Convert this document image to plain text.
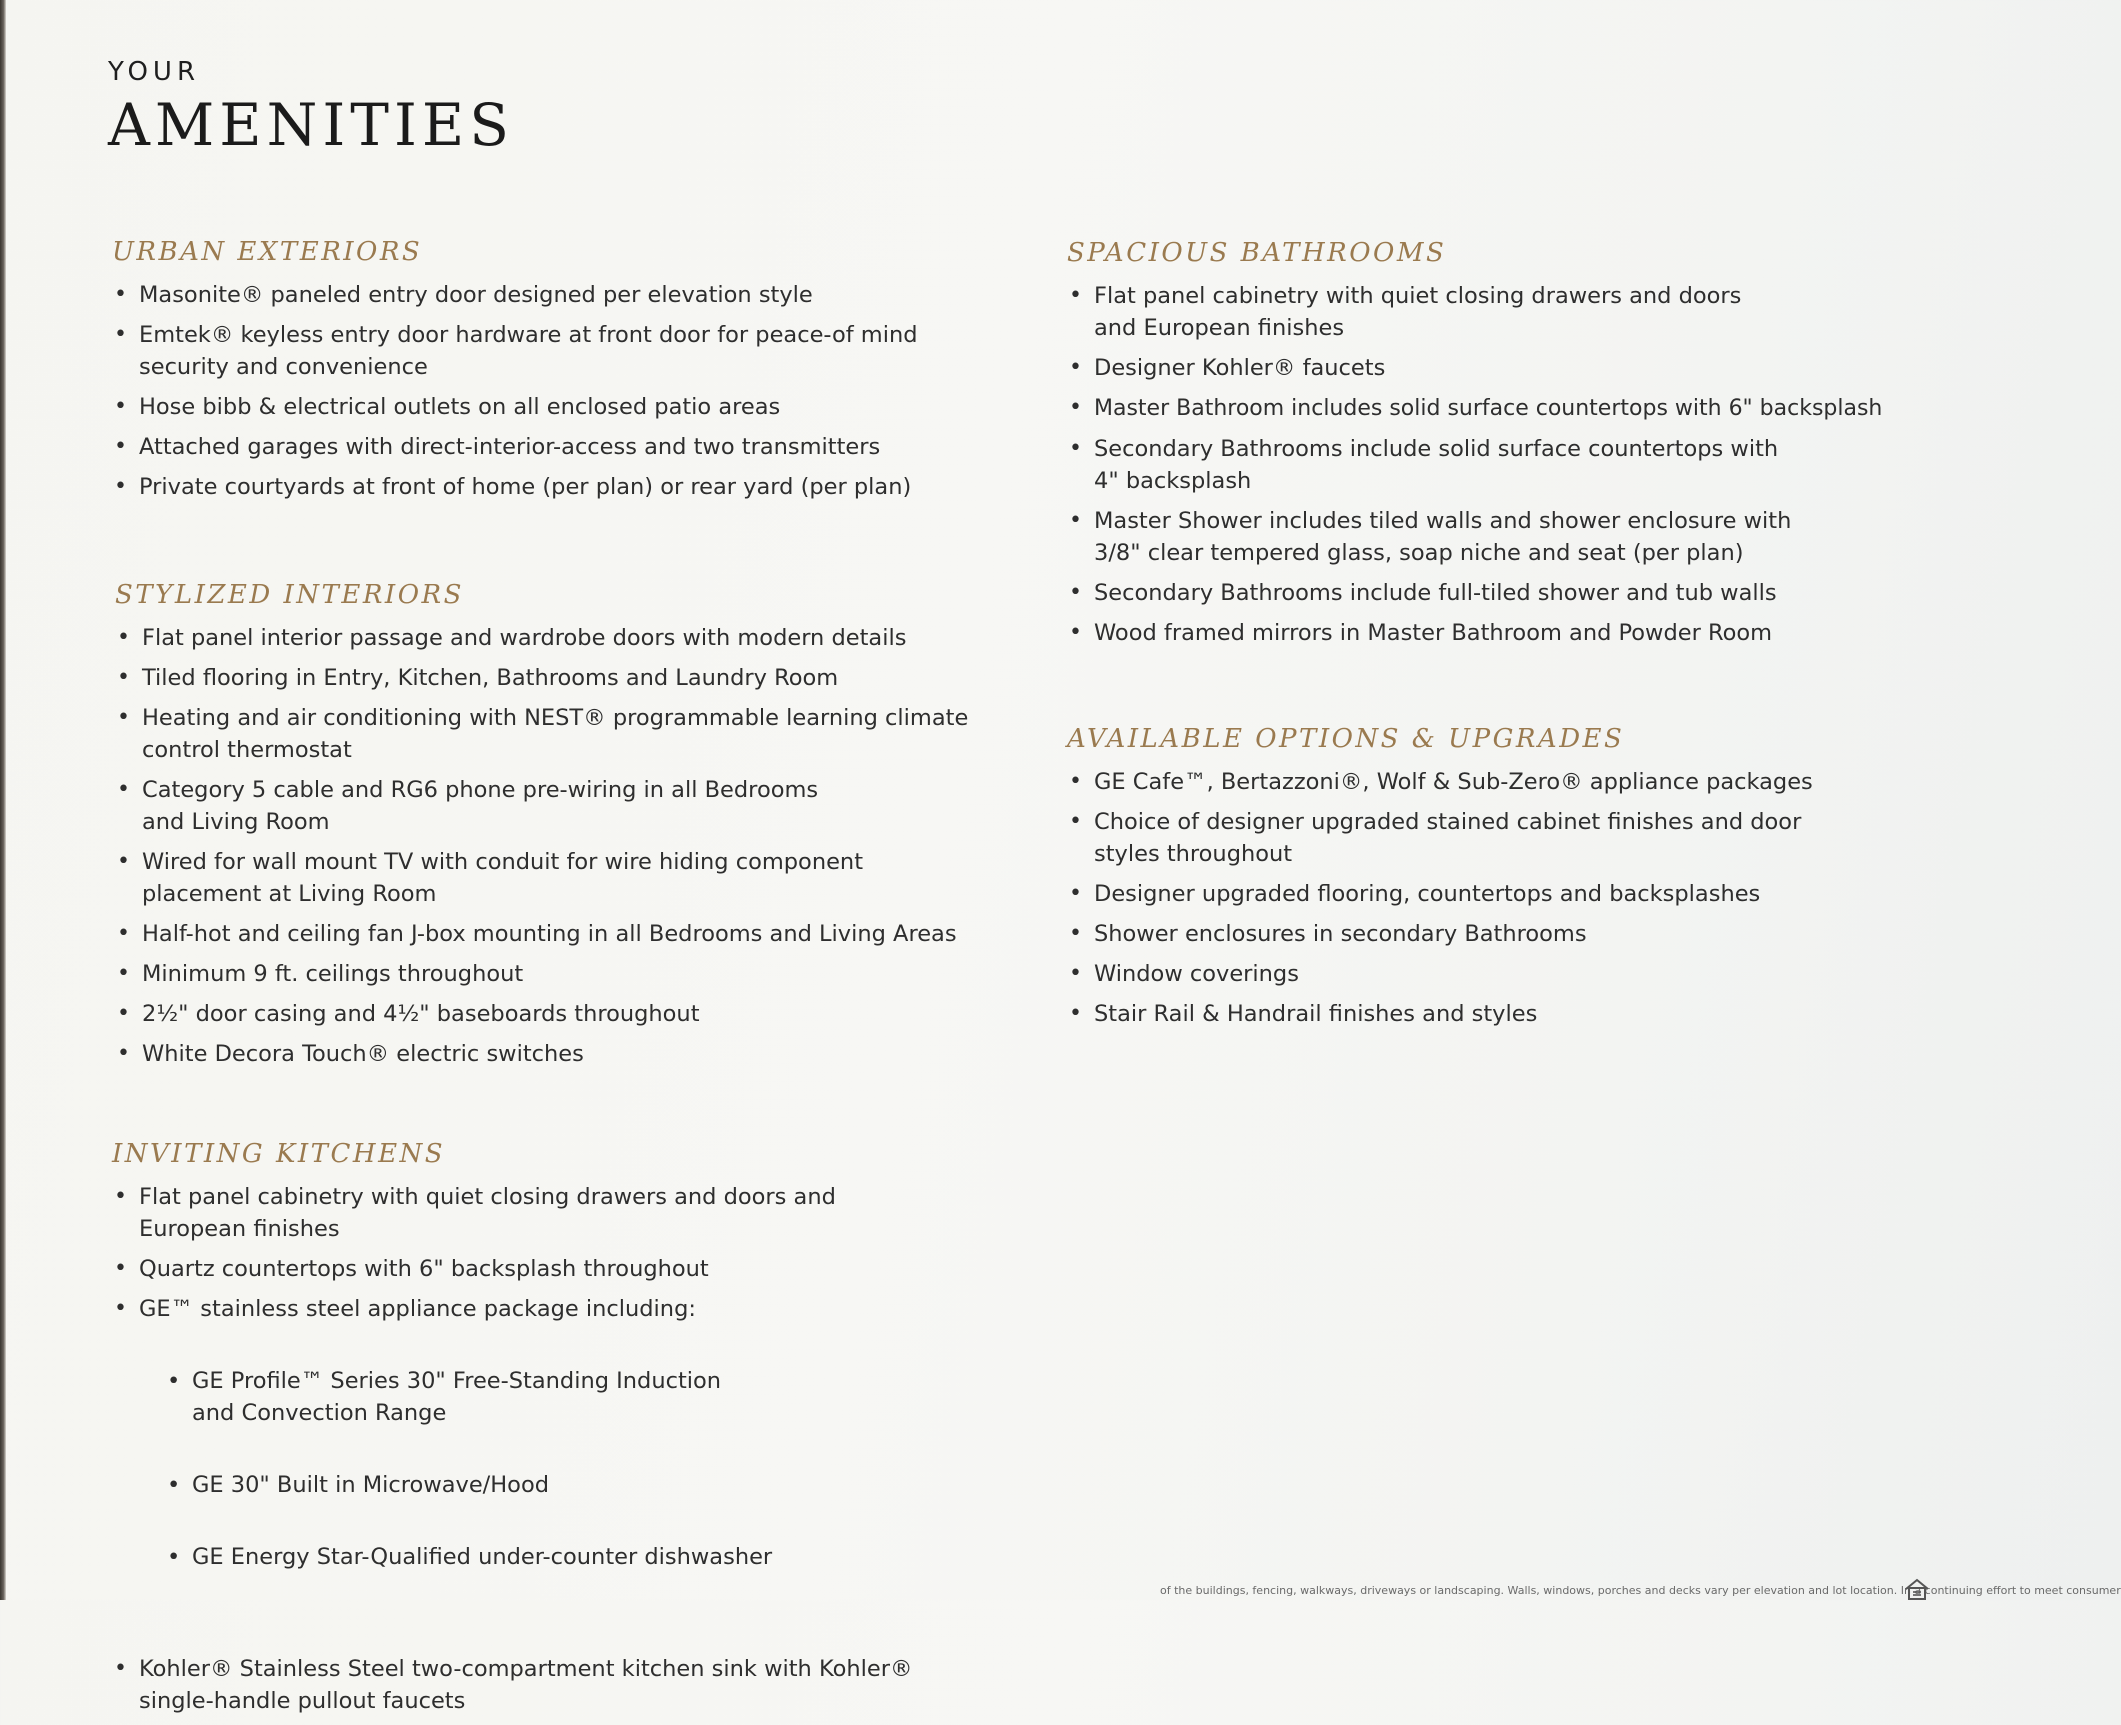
YOUR
AMENITIES
URBAN EXTERIORS
• Masonite® paneled entry door designed per elevation style
• Emtek® keyless entry door hardware at front door for peace-of mind
security and convenience
• Hose bibb & electrical outlets on all enclosed patio areas
• Attached garages with direct-interior-access and two transmitters
• Private courtyards at front of home (per plan) or rear yard (per plan)
STYLIZED INTERIORS
• Flat panel interior passage and wardrobe doors with modern details
• Tiled flooring in Entry, Kitchen, Bathrooms and Laundry Room
• Heating and air conditioning with NEST® programmable learning climate
control thermostat
• Category 5 cable and RG6 phone pre-wiring in all Bedrooms
and Living Room
• Wired for wall mount TV with conduit for wire hiding component
placement at Living Room
• Half-hot and ceiling fan J-box mounting in all Bedrooms and Living Areas
• Minimum 9 ft. ceilings throughout
• 2½" door casing and 4½" baseboards throughout
• White Decora Touch® electric switches
INVITING KITCHENS
• Flat panel cabinetry with quiet closing drawers and doors and
European finishes
• Quartz countertops with 6" backsplash throughout
• GE™ stainless steel appliance package including:

• GE Profile™ Series 30" Free-Standing Induction
and Convection Range

• GE 30" Built in Microwave/Hood

• GE Energy Star-Qualified under-counter dishwasher

• Kohler® Stainless Steel two-compartment kitchen sink with Kohler®
single-handle pullout faucets
SPACIOUS BATHROOMS
• Flat panel cabinetry with quiet closing drawers and doors
and European finishes
• Designer Kohler® faucets
• Master Bathroom includes solid surface countertops with 6" backsplash
• Secondary Bathrooms include solid surface countertops with
4" backsplash
• Master Shower includes tiled walls and shower enclosure with
3/8" clear tempered glass, soap niche and seat (per plan)
• Secondary Bathrooms include full-tiled shower and tub walls
• Wood framed mirrors in Master Bathroom and Powder Room
AVAILABLE OPTIONS & UPGRADES
• GE Cafe™, Bertazzoni®, Wolf & Sub-Zero® appliance packages
• Choice of designer upgraded stained cabinet finishes and door
styles throughout
• Designer upgraded flooring, countertops and backsplashes
• Shower enclosures in secondary Bathrooms
• Window coverings
• Stair Rail & Handrail finishes and styles
of the buildings, fencing, walkways, driveways or landscaping. Walls, windows, porches and decks vary per elevation and lot location. In a continuing effort to meet consumer
